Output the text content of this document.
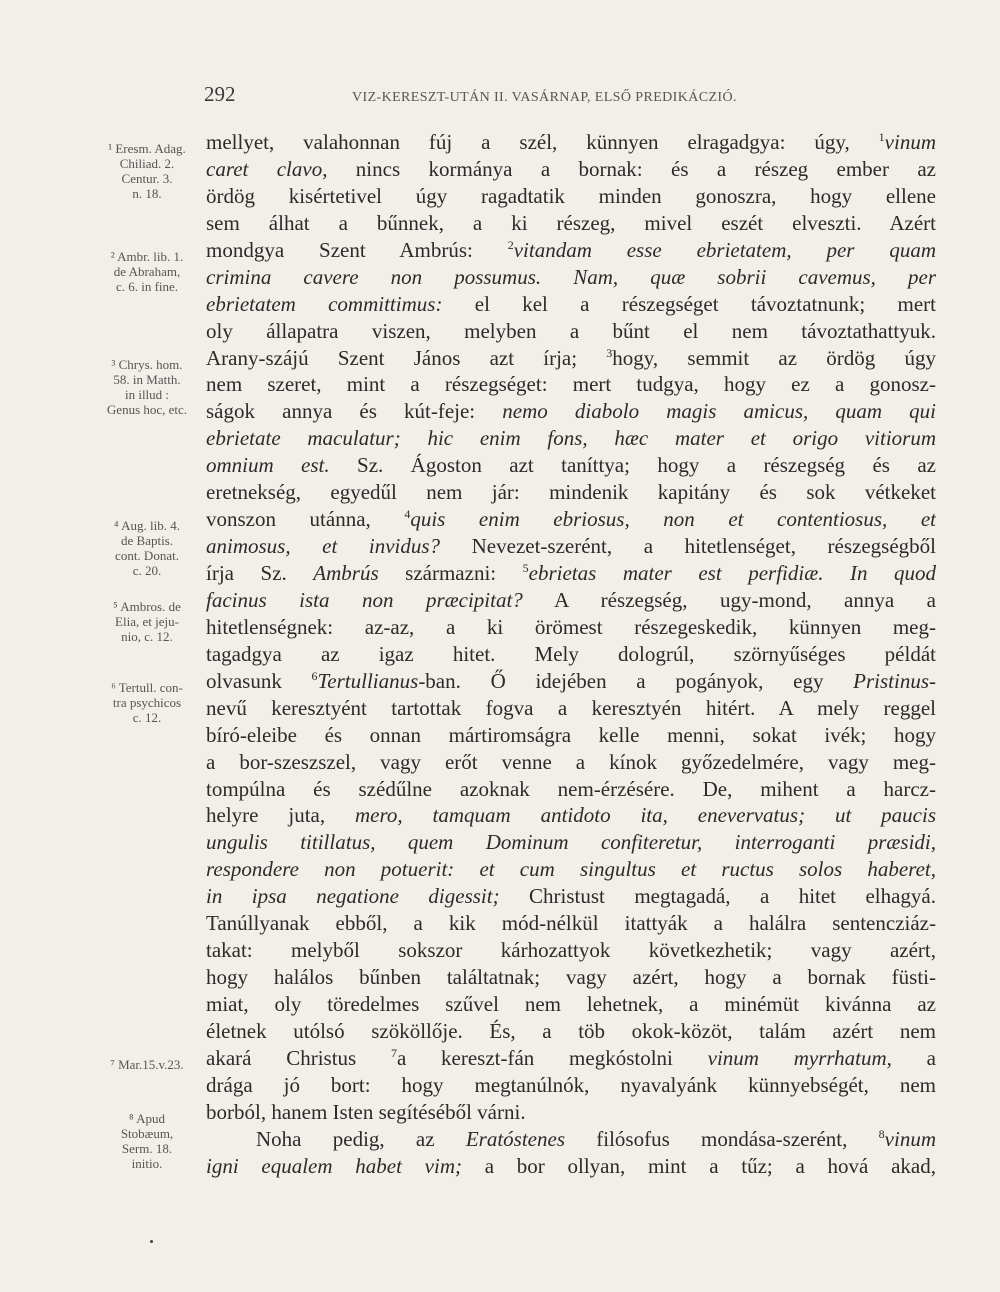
292	VIZ-KERESZT-UTÁN II. VASÁRNAP, ELSŐ PREDIKÁCZIÓ.
mellyet, valahonnan fúj a szél, künnyen elragadgya: úgy, $^1$vinum
caret clavo, nincs kormánya a bornak: és a részeg ember az
ördög kisértetivel úgy ragadtatik minden gonoszra, hogy ellene
sem álhat a bűnnek, a ki részeg, mivel eszét elveszti. Azért
mondgya Szent Ambrús: $^2$vitandam esse ebrietatem, per quam
crimina cavere non possumus. Nam, quæ sobrii cavemus, per
ebrietatem committimus: el kel a részegséget távoztatnunk; mert
oly állapatra viszen, melyben a bűnt el nem távoztathattyuk.
Arany-szájú Szent János azt írja; $^3$hogy, semmit az ördög úgy
nem szeret, mint a részegséget: mert tudgya, hogy ez a gonosz-
ságok annya és kút-feje: nemo diabolo magis amicus, quam qui
ebrietate maculatur; hic enim fons, hæc mater et origo vitiorum
omnium est. Sz. Ágoston azt taníttya; hogy a részegség és az
eretnekség, egyedűl nem jár: mindenik kapitány és sok vétkeket
vonszon utánna, $^4$quis enim ebriosus, non et contentiosus, et
animosus, et invidus? Nevezet-szerént, a hitetlenséget, részegségből
írja Sz. Ambrús származni: $^5$ebrietas mater est perfidiæ. In quod
facinus ista non præcipitat? A részegség, ugy-mond, annya a
hitetlenségnek: az-az, a ki örömest részegeskedik, künnyen meg-
tagadgya az igaz hitet. Mely dologrúl, szörnyűséges példát
olvasunk $^6$Tertullianus-ban. Ő idejében a pogányok, egy Pristinus-
nevű keresztyént tartottak fogva a keresztyén hitért. A mely reggel
bíró-eleibe és onnan mártiromságra kelle menni, sokat ivék; hogy
a bor-szeszszel, vagy erőt venne a kínok győzedelmére, vagy meg-
tompúlna és szédűlne azoknak nem-érzésére. De, mihent a harcz-
helyre juta, mero, tamquam antidoto ita, enevervatus; ut paucis
ungulis titillatus, quem Dominum confiteretur, interroganti præsidi,
respondere non potuerit: et cum singultus et ructus solos haberet,
in ipsa negatione digessit; Christust megtagadá, a hitet elhagyá.
Tanúllyanak ebből, a kik mód-nélkül itattyák a halálra sentencziáz-
takat: melyből sokszor kárhozattyok következhetik; vagy azért,
hogy halálos bűnben találtatnak; vagy azért, hogy a bornak füsti-
miat, oly töredelmes szűvel nem lehetnek, a minémüt kivánna az
életnek utólsó szököllője. És, a töb okok-közöt, talám azért nem
akará Christus $^7$a kereszt-fán megkóstolni vinum myrrhatum, a
drága jó bort: hogy megtanúlnók, nyavalyánk künnyebségét, nem
borból, hanem Isten segítéséből várni.
Noha pedig, az Eratóstenes filósofus mondása-szerént, $^8$vinum
igni equalem habet vim; a bor ollyan, mint a tűz; a hová akad,
¹ Eresm. Adag.
Chiliad. 2.
Centur. 3.
n. 18.
² Ambr. lib. 1.
de Abraham,
c. 6. in fine.
³ Chrys. hom.
58. in Matth.
in illud :
Genus hoc, etc.
⁴ Aug. lib. 4.
de Baptis.
cont. Donat.
c. 20.
⁵ Ambros. de
Elia, et jeju-
nio, c. 12.
⁶ Tertull. con-
tra psychicos
c. 12.
⁷ Mar.15.v.23.
⁸ Apud
Stobæum,
Serm. 18.
initio.
